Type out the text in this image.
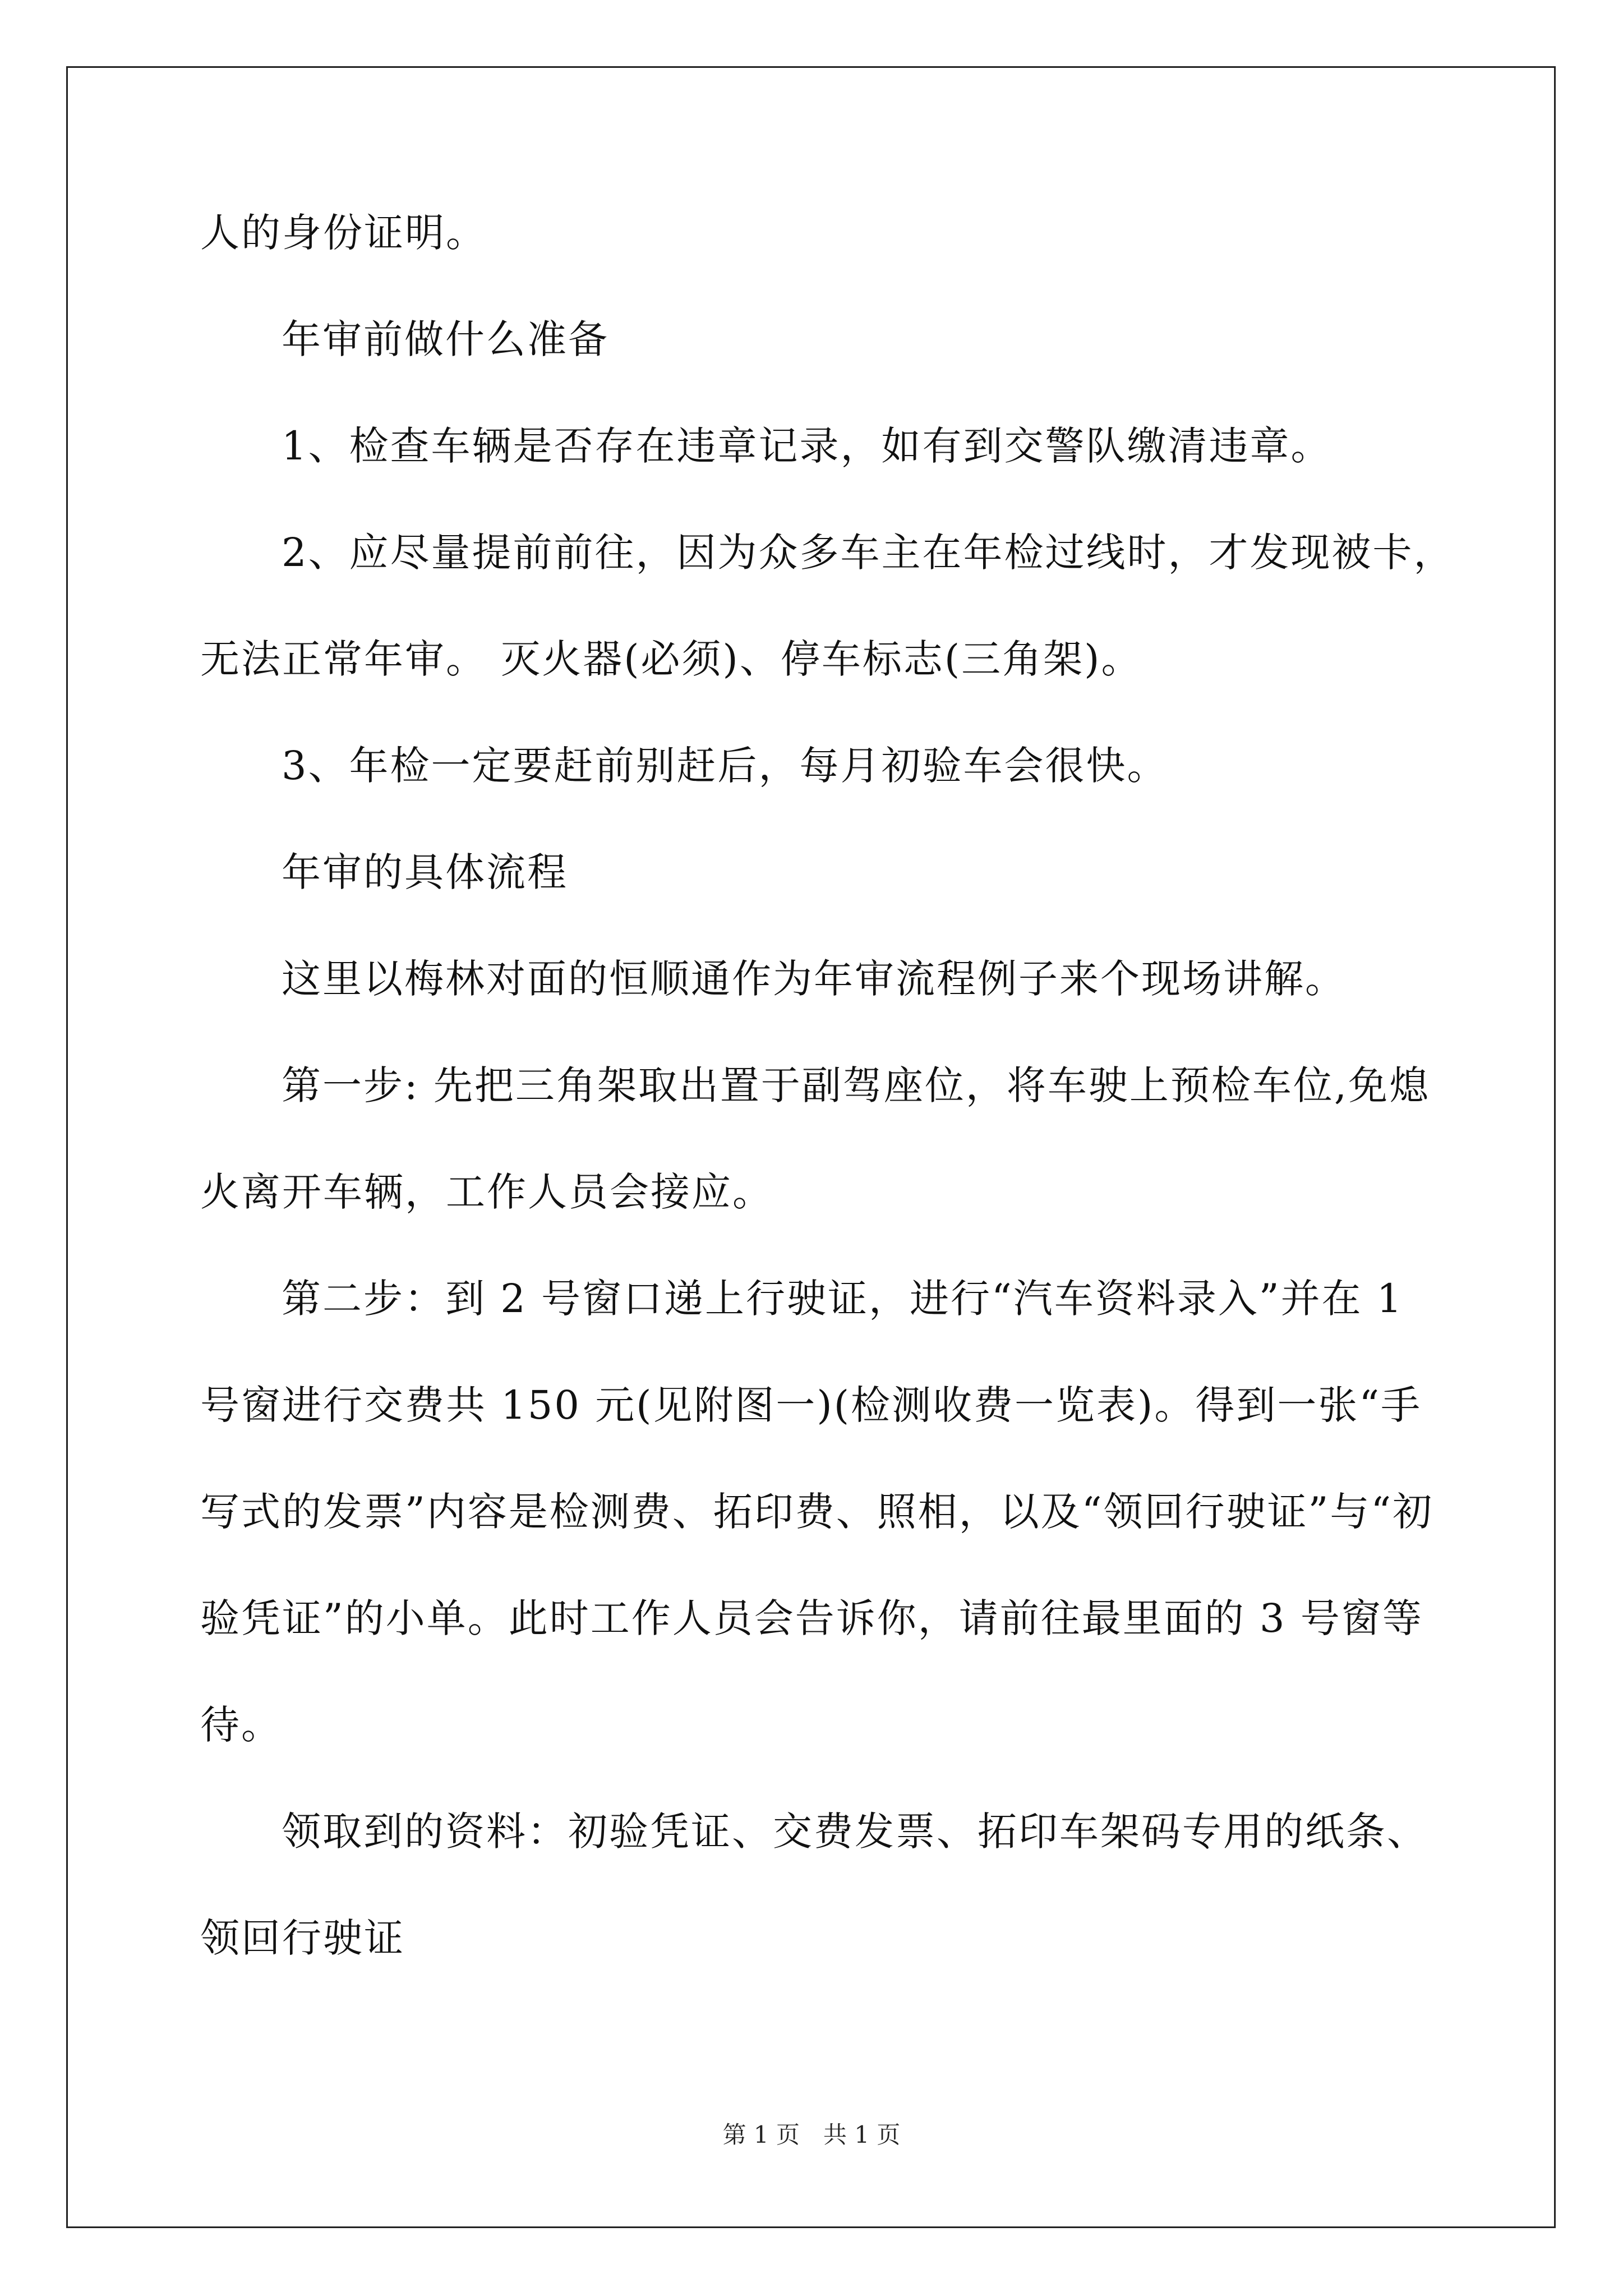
人的身份证明。
年审前做什么准备
1、检查车辆是否存在违章记录，如有到交警队缴清违章。
2、应尽量提前前往，因为众多车主在年检过线时，才发现被卡，
无法正常年审。 灭火器(必须)、停车标志(三角架)。
3、年检一定要赶前别赶后，每月初验车会很快。
年审的具体流程
这里以梅林对面的恒顺通作为年审流程例子来个现场讲解。
第一步: 先把三角架取出置于副驾座位，将车驶上预检车位,免熄
火离开车辆，工作人员会接应。
第二步：到 2 号窗口递上行驶证，进行“汽车资料录入”并在 1
号窗进行交费共 150 元(见附图一)(检测收费一览表)。得到一张“手
写式的发票”内容是检测费、拓印费、照相，以及“领回行驶证”与“初
验凭证”的小单。此时工作人员会告诉你，请前往最里面的 3 号窗等
待。
领取到的资料：初验凭证、交费发票、拓印车架码专用的纸条、
领回行驶证
第 1 页　共 1 页
